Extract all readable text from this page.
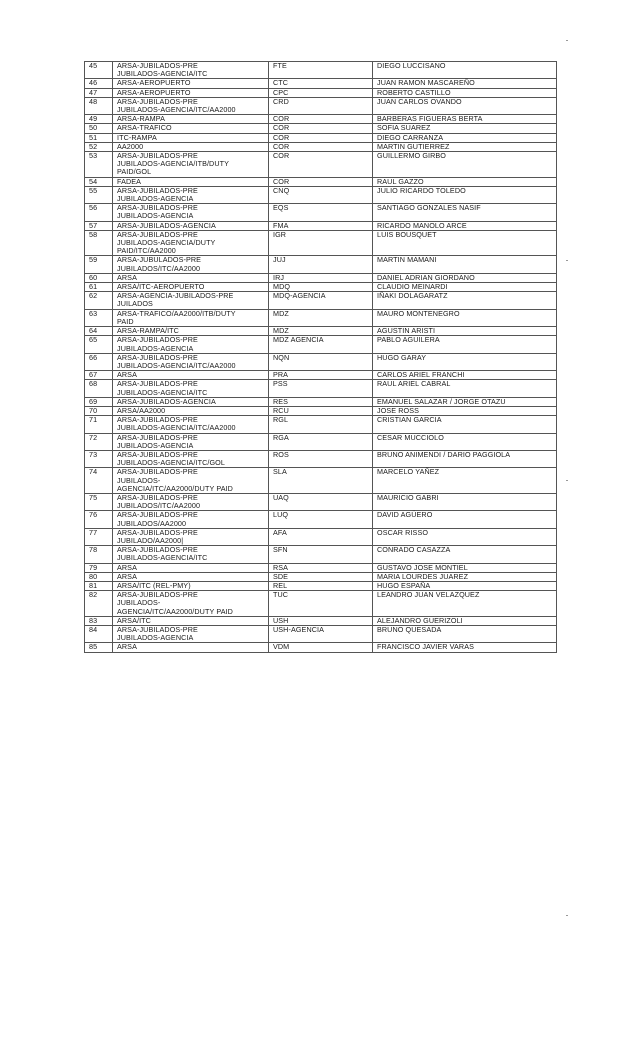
45	ARSA-JUBILADOS-PRE
JUBILADOS-AGENCIA/ITC	FTE	DIEGO LUCCISANO
46	ARSA-AEROPUERTO	CTC	JUAN RAMON MASCAREÑO
47	ARSA-AEROPUERTO	CPC	ROBERTO CASTILLO
48	ARSA-JUBILADOS-PRE
JUBILADOS-AGENCIA/ITC/AA2000	CRD	JUAN CARLOS OVANDO
49	ARSA-RAMPA	COR	BARBERAS FIGUERAS BERTA
50	ARSA-TRAFICO	COR	SOFIA SUAREZ
51	ITC-RAMPA	COR	DIEGO CARRANZA
52	AA2000	COR	MARTIN GUTIERREZ
53	ARSA-JUBILADOS-PRE
JUBILADOS-AGENCIA/ITB/DUTY
PAID/GOL	COR	GUILLERMO GIRBO
54	FADEA	COR	RAUL GAZZO
55	ARSA-JUBILADOS-PRE
JUBILADOS-AGENCIA	CNQ	JULIO RICARDO TOLEDO
56	ARSA-JUBILADOS-PRE
JUBILADOS-AGENCIA	EQS	SANTIAGO GONZALES NASIF
57	ARSA-JUBILADOS-AGENCIA	FMA	RICARDO MANOLO ARCE
58	ARSA-JUBILADOS-PRE
JUBILADOS-AGENCIA/DUTY
PAID/ITC/AA2000	IGR	LUIS BOUSQUET
59	ARSA-JUBULADOS-PRE
JUBILADOS/ITC/AA2000	JUJ	MARTIN MAMANI
60	ARSA	IRJ	DANIEL ADRIAN GIORDANO
61	ARSA/ITC-AEROPUERTO	MDQ	CLAUDIO MEINARDI
62	ARSA-AGENCIA-JUBILADOS-PRE
JUILADOS	MDQ-AGENCIA	IÑAKI DOLAGARATZ
63	ARSA-TRAFICO/AA2000/ITB/DUTY
PAID	MDZ	MAURO MONTENEGRO
64	ARSA-RAMPA/ITC	MDZ	AGUSTIN ARISTI
65	ARSA-JUBILADOS-PRE
JUBILADOS-AGENCIA	MDZ AGENCIA	PABLO AGUILERA
66	ARSA-JUBILADOS-PRE
JUBILADOS-AGENCIA/ITC/AA2000	NQN	HUGO GARAY
67	ARSA	PRA	CARLOS ARIEL FRANCHI
68	ARSA-JUBILADOS-PRE
JUBILADOS-AGENCIA/ITC	PSS	RAUL ARIEL CABRAL
69	ARSA-JUBILADOS-AGENCIA	RES	EMANUEL SALAZAR / JORGE OTAZU
70	ARSA/AA2000	RCU	JOSE ROSS
71	ARSA-JUBILADOS-PRE
JUBILADOS-AGENCIA/ITC/AA2000	RGL	CRISTIAN GARCIA
72	ARSA-JUBILADOS-PRE
JUBILADOS-AGENCIA	RGA	CESAR MUCCIOLO
73	ARSA-JUBILADOS-PRE
JUBILADOS-AGENCIA/ITC/GOL	ROS	BRUNO ANIMENDI / DARIO PAGGIOLA
74	ARSA-JUBILADOS-PRE
JUBILADOS-
AGENCIA/ITC/AA2000/DUTY PAID	SLA	MARCELO YAÑEZ
75	ARSA-JUBILADOS-PRE
JUBILADOS/ITC/AA2000	UAQ	MAURICIO GABRI
76	ARSA-JUBILADOS-PRE
JUBILADOS/AA2000	LUQ	DAVID AGÜERO
77	ARSA-JUBILADOS-PRE
JUBILADO/AA2000|	AFA	OSCAR RISSO
78	ARSA-JUBILADOS-PRE
JUBILADOS-AGENCIA/ITC	SFN	CONRADO CASAZZA
79	ARSA	RSA	GUSTAVO JOSE MONTIEL
80	ARSA	SDE	MARIA LOURDES JUAREZ
81	ARSA/ITC (REL-PMY)	REL	HUGO ESPAÑA
82	ARSA-JUBILADOS-PRE
JUBILADOS-
AGENCIA/ITC/AA2000/DUTY PAID	TUC	LEANDRO JUAN VELAZQUEZ
83	ARSA/ITC	USH	ALEJANDRO GUERIZOLI
84	ARSA-JUBILADOS-PRE
JUBILADOS-AGENCIA	USH-AGENCIA	BRUNO QUESADA
85	ARSA	VDM	FRANCISCO JAVIER VARAS
